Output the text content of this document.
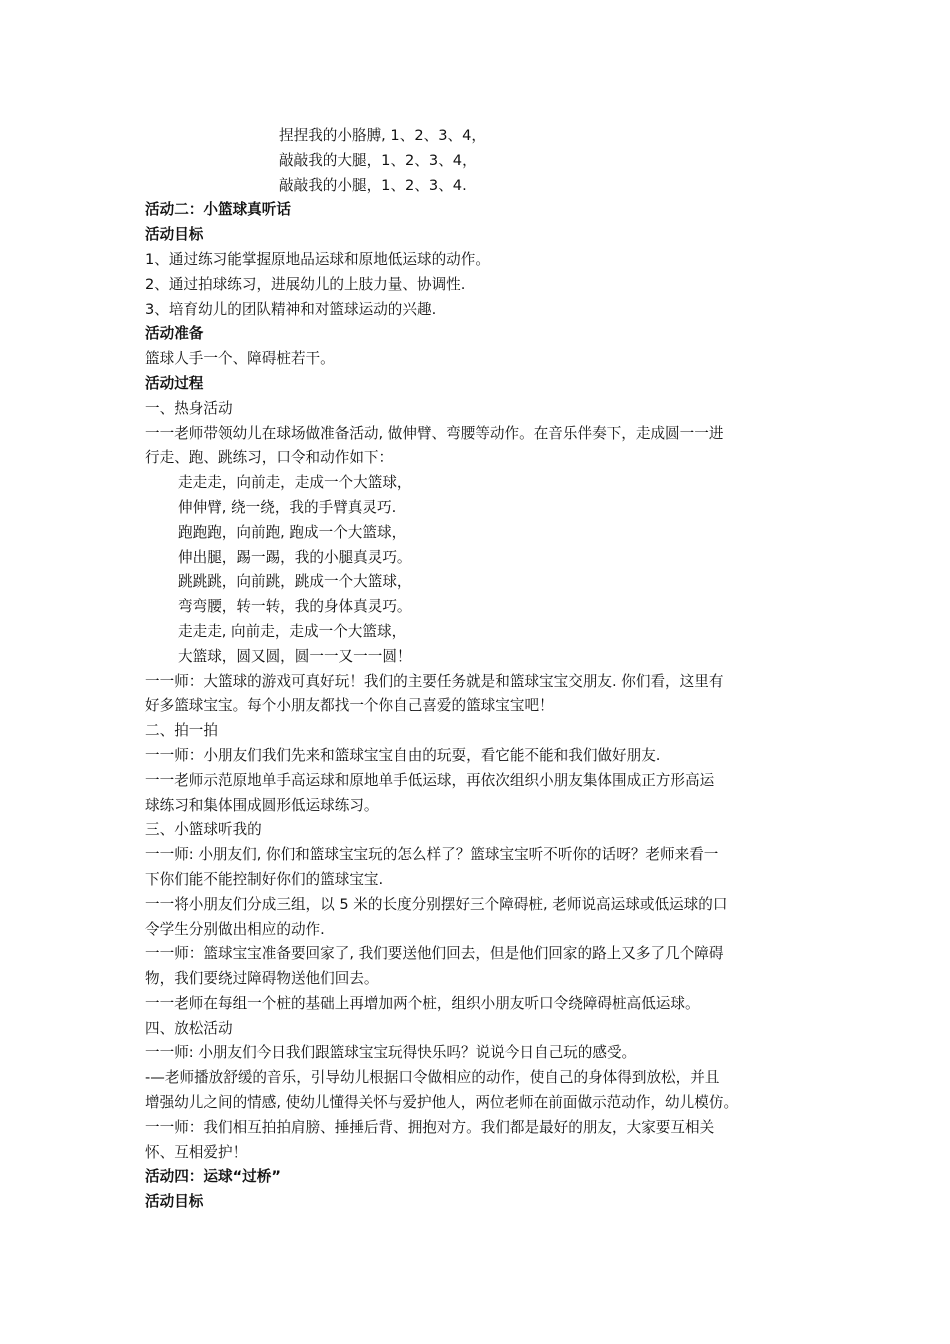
捏捏我的小胳膊, 1、2、3、4，
敲敲我的大腿，1、2、3、4，
敲敲我的小腿，1、2、3、4.
活动二：小篮球真听话
活动目标
1、通过练习能掌握原地品运球和原地低运球的动作。
2、通过拍球练习，进展幼儿的上肢力量、协调性.
3、培育幼儿的团队精神和对篮球运动的兴趣.
活动准备
篮球人手一个、障碍桩若干。
活动过程
一、热身活动
一一老师带领幼儿在球场做准备活动, 做伸臂、弯腰等动作。在音乐伴奏下，走成圆一一进
行走、跑、跳练习，口令和动作如下：
走走走，向前走，走成一个大篮球，
伸伸臂, 绕一绕，我的手臂真灵巧.
跑跑跑，向前跑, 跑成一个大篮球，
伸出腿，踢一踢，我的小腿真灵巧。
跳跳跳，向前跳，跳成一个大篮球，
弯弯腰，转一转，我的身体真灵巧。
走走走, 向前走，走成一个大篮球，
大篮球，圆又圆，圆一一又一一圆！
一一师：大篮球的游戏可真好玩！我们的主要任务就是和篮球宝宝交朋友. 你们看，这里有
好多篮球宝宝。每个小朋友都找一个你自己喜爱的篮球宝宝吧！
二、拍一拍
一一师：小朋友们我们先来和篮球宝宝自由的玩耍，看它能不能和我们做好朋友.
一一老师示范原地单手高运球和原地单手低运球，再依次组织小朋友集体围成正方形高运
球练习和集体围成圆形低运球练习。
三、小篮球听我的
一一师: 小朋友们, 你们和篮球宝宝玩的怎么样了？篮球宝宝听不听你的话呀？老师来看一
下你们能不能控制好你们的篮球宝宝.
一一将小朋友们分成三组，以 5 米的长度分别摆好三个障碍桩, 老师说高运球或低运球的口
令学生分别做出相应的动作.
一一师：篮球宝宝准备要回家了, 我们要送他们回去，但是他们回家的路上又多了几个障碍
物，我们要绕过障碍物送他们回去。
一一老师在每组一个桩的基础上再增加两个桩，组织小朋友听口令绕障碍桩高低运球。
四、放松活动
一一师: 小朋友们今日我们跟篮球宝宝玩得快乐吗？说说今日自己玩的感受。
-—老师播放舒缓的音乐，引导幼儿根据口令做相应的动作，使自己的身体得到放松，并且
增强幼儿之间的情感, 使幼儿懂得关怀与爱护他人，两位老师在前面做示范动作，幼儿模仿。
一一师：我们相互拍拍肩膀、捶捶后背、拥抱对方。我们都是最好的朋友，大家要互相关
怀、互相爱护！
活动四：运球“过桥”
活动目标
